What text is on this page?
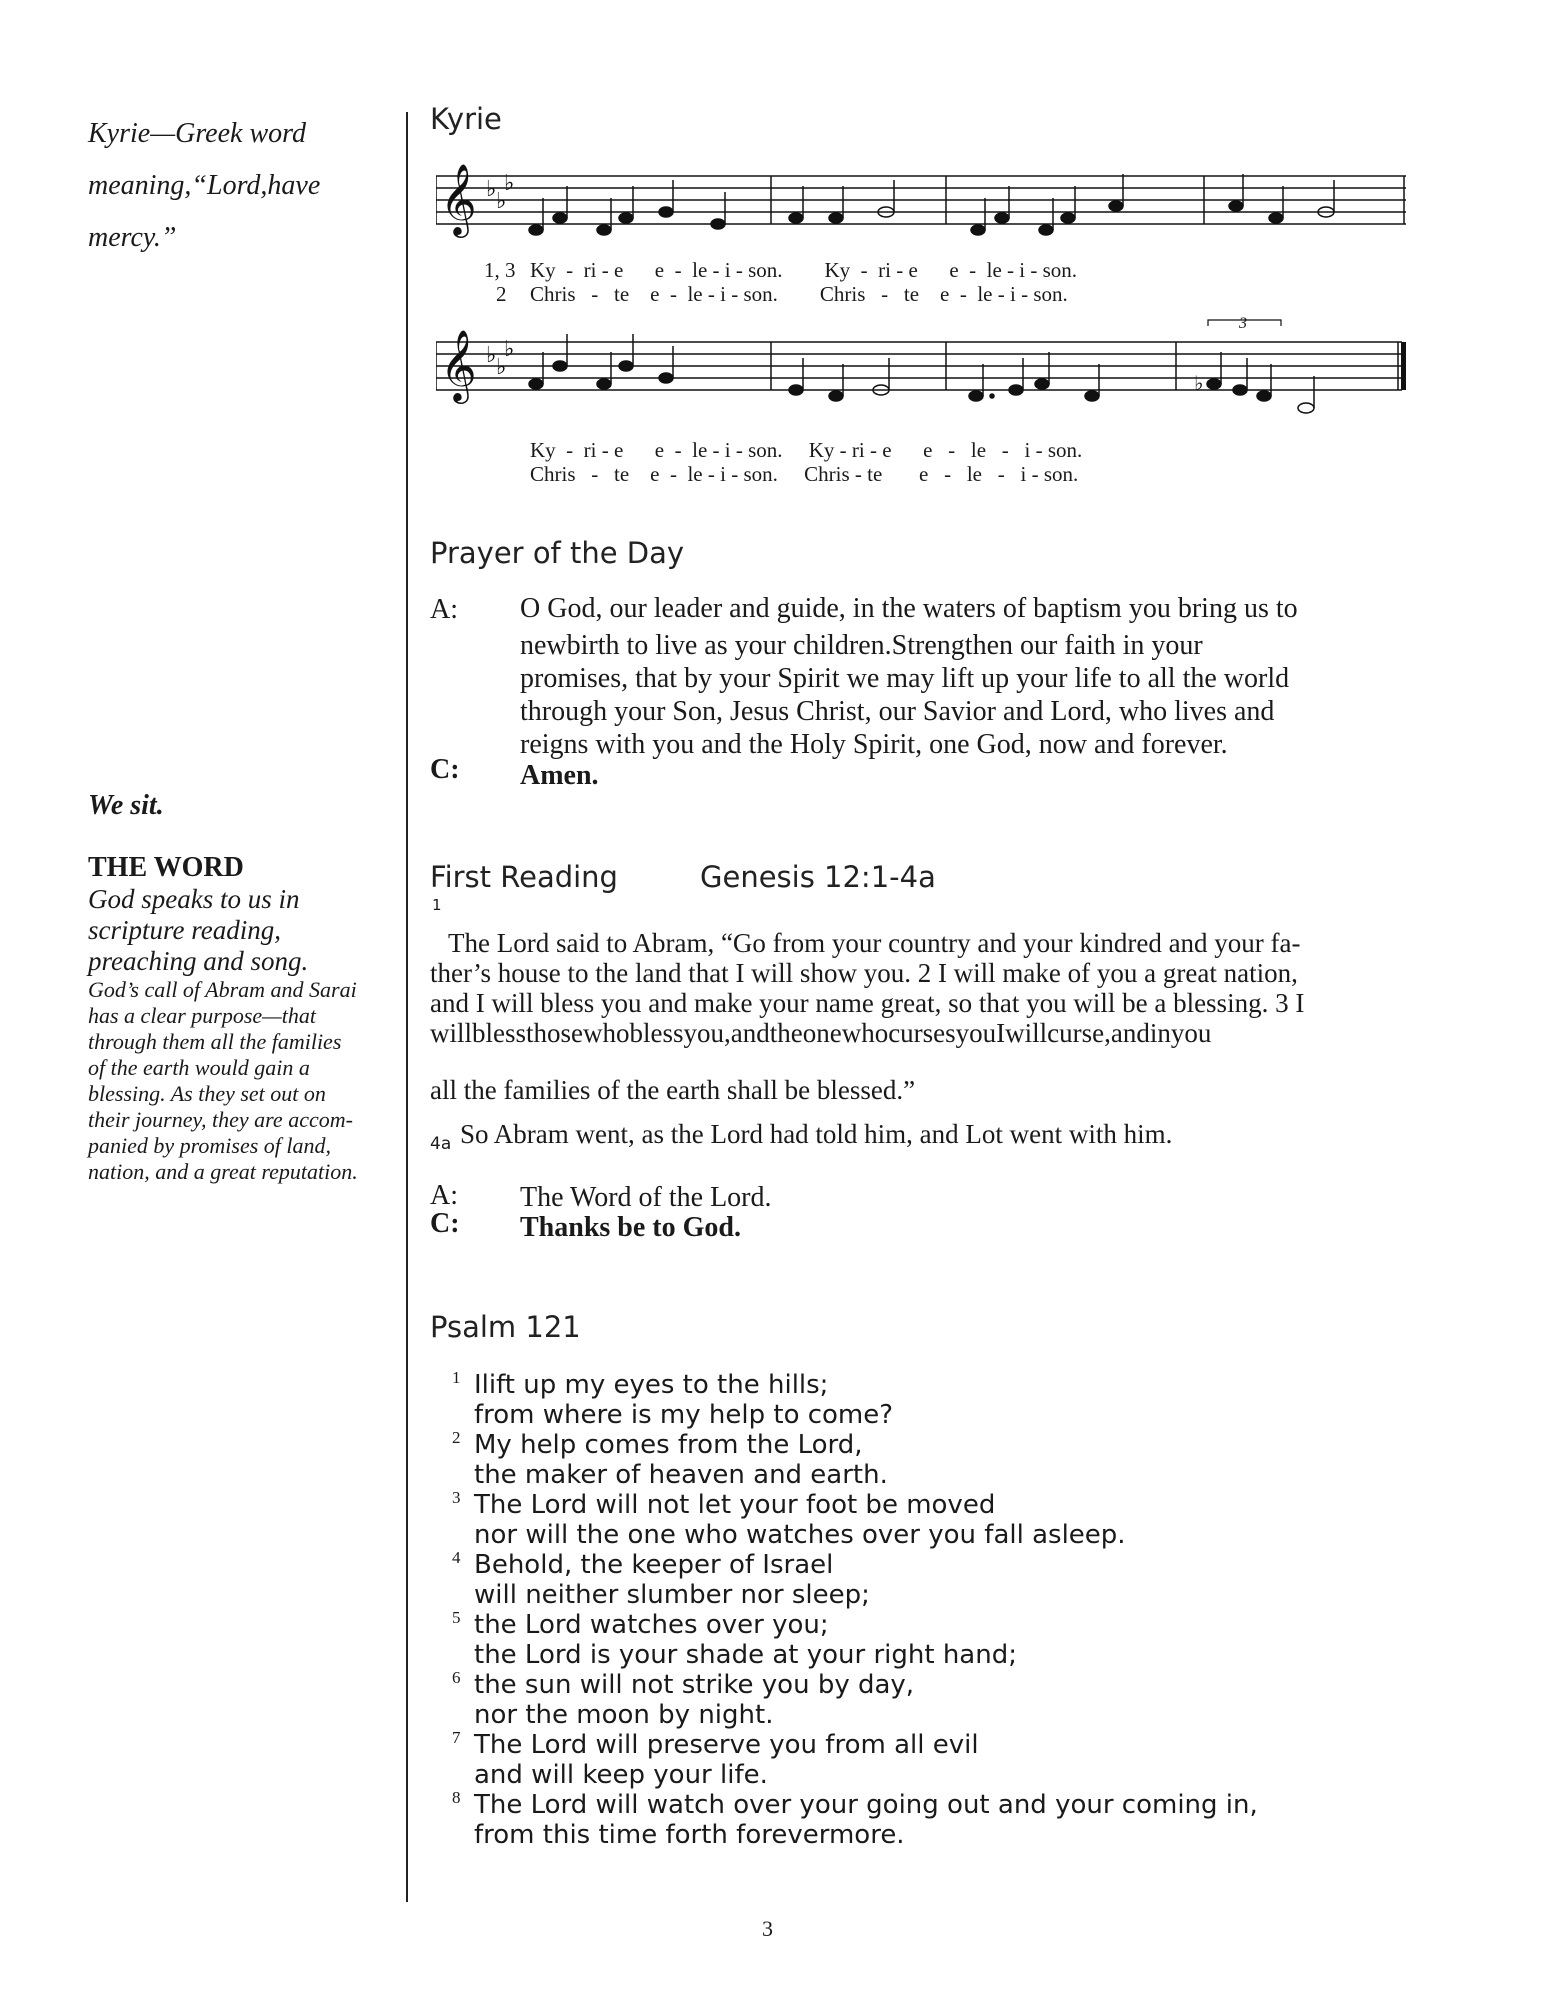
Kyrie—Greek word
meaning,“Lord,have
mercy.”
We sit.
THE WORD
God speaks to us in
scripture reading,
preaching and song.
God’s call of Abram and Sarai
has a clear purpose—that
through them all the families
of the earth would gain a
blessing. As they set out on
their journey, they are accom-
panied by promises of land,
nation, and a great reputation.
Kyrie
𝄞 ♭ ♭
♭
1, 3
2
Ky  -  ri - e      e  -  le - i - son.        Ky  -  ri - e      e  -  le - i - son.
Chris   -   te    e  -  le - i - son.        Chris   -   te    e  -  le - i - son.
𝄞 ♭ ♭
♭
♭
3
Ky  -  ri - e      e  -  le - i - son.     Ky - ri - e      e   -   le   -   i - son.
Chris   -   te    e  -  le - i - son.     Chris - te       e   -   le   -   i - son.
Prayer of the Day
A: O God, our leader and guide, in the waters of baptism you bring us to
newbirth to live as your children.Strengthen our faith in your
promises, that by your Spirit we may lift up your life to all the world
through your Son, Jesus Christ, our Savior and Lord, who lives and
reigns with you and the Holy Spirit, one God, now and forever.
C: Amen.
First Reading	Genesis 12:1-4a
1
The Lord said to Abram, “Go from your country and your kindred and your fa-
ther’s house to the land that I will show you. 2 I will make of you a great nation,
and I will bless you and make your name great, so that you will be a blessing. 3 I
willblessthosewhoblessyou,andtheonewhocursesyouIwillcurse,andinyou
all the families of the earth shall be blessed.”
4a So Abram went, as the Lord had told him, and Lot went with him.
A:
C:
The Word of the Lord.
Thanks be to God.
Psalm 121
1 Ilift up my eyes to the hills;
from where is my help to come?
2 My help comes from the Lord,
the maker of heaven and earth.
3 The Lord will not let your foot be moved
nor will the one who watches over you fall asleep.
4 Behold, the keeper of Israel
will neither slumber nor sleep;
5 the Lord watches over you;
the Lord is your shade at your right hand;
6 the sun will not strike you by day,
nor the moon by night.
7 The Lord will preserve you from all evil
and will keep your life.
8 The Lord will watch over your going out and your coming in,
from this time forth forevermore.
3
